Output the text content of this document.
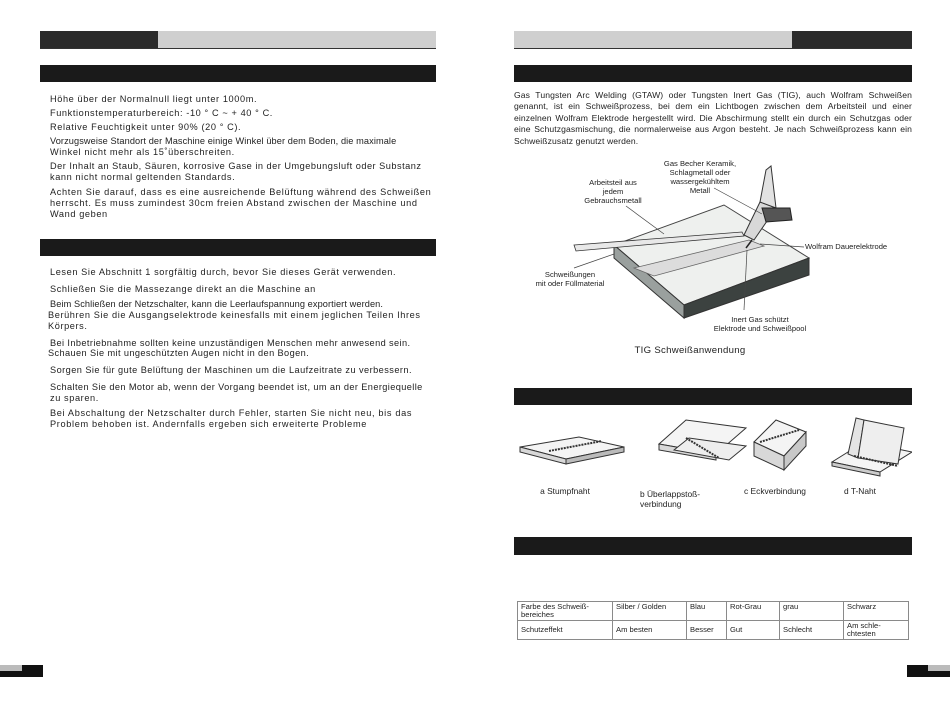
Höhe über der Normalnull liegt unter 1000m.
Funktionstemperaturbereich: -10 ° C ~ + 40 ° C.
Relative Feuchtigkeit unter 90% (20 ° C).
Vorzugsweise Standort der Maschine einige Winkel über dem Boden, die maximale
Winkel nicht mehr als 15˚überschreiten.
Der Inhalt an Staub, Säuren, korrosive Gase in der Umgebungsluft oder Substanz
kann nicht normal geltenden Standards.
Achten Sie darauf, dass es eine ausreichende Belüftung während des Schweißen
herrscht. Es muss zumindest 30cm freien Abstand zwischen der Maschine und
Wand geben
Lesen Sie Abschnitt 1 sorgfältig durch, bevor Sie dieses Gerät verwenden.
Schließen Sie die Massezange direkt an die Maschine an
Beim Schließen der Netzschalter, kann die Leerlaufspannung exportiert werden.
Berühren Sie die Ausgangselektrode keinesfalls mit einem jeglichen Teilen Ihres
Körpers.
Bei Inbetriebnahme sollten keine unzuständigen Menschen mehr anwesend sein.
Schauen Sie mit ungeschützten Augen nicht in den Bogen.
Sorgen Sie für gute Belüftung der Maschinen um die Laufzeitrate zu verbessern.
Schalten Sie den Motor ab, wenn der Vorgang beendet ist, um an der Energiequelle
zu sparen.
Bei Abschaltung der Netzschalter durch Fehler, starten Sie nicht neu, bis das
Problem behoben ist. Andernfalls ergeben sich erweiterte Probleme
Gas Tungsten Arc Welding (GTAW) oder Tungsten Inert Gas (TIG), auch Wolfram Schweißen genannt, ist ein Schweißprozess, bei dem ein Lichtbogen zwischen dem Arbeitsteil und einer einzelnen Wolfram Elektrode hergestellt wird. Die Abschirmung stellt ein durch ein Schutzgas oder eine Schutzgasmischung, die normalerweise aus Argon besteht. Je nach Schweißprozess kann ein Schweißzusatz genutzt werden.
Arbeitsteil aus
jedem
Gebrauchsmetall
Gas Becher Keramik,
Schlagmetall oder
wassergekühltem
Metall
Wolfram Dauerelektrode
Schweißungen
mit oder Füllmaterial
Inert Gas schützt
Elektrode und Schweißpool
TIG Schweißanwendung
a Stumpfnaht	b Überlappstoß-
verbindung
c Eckverbindung	d T-Naht
Farbe des Schweiß-
bereiches	Silber / Golden	Blau	Rot-Grau	grau	Schwarz
Schutzeffekt	Am besten	Besser	Gut	Schlecht	Am schle-
chtesten
